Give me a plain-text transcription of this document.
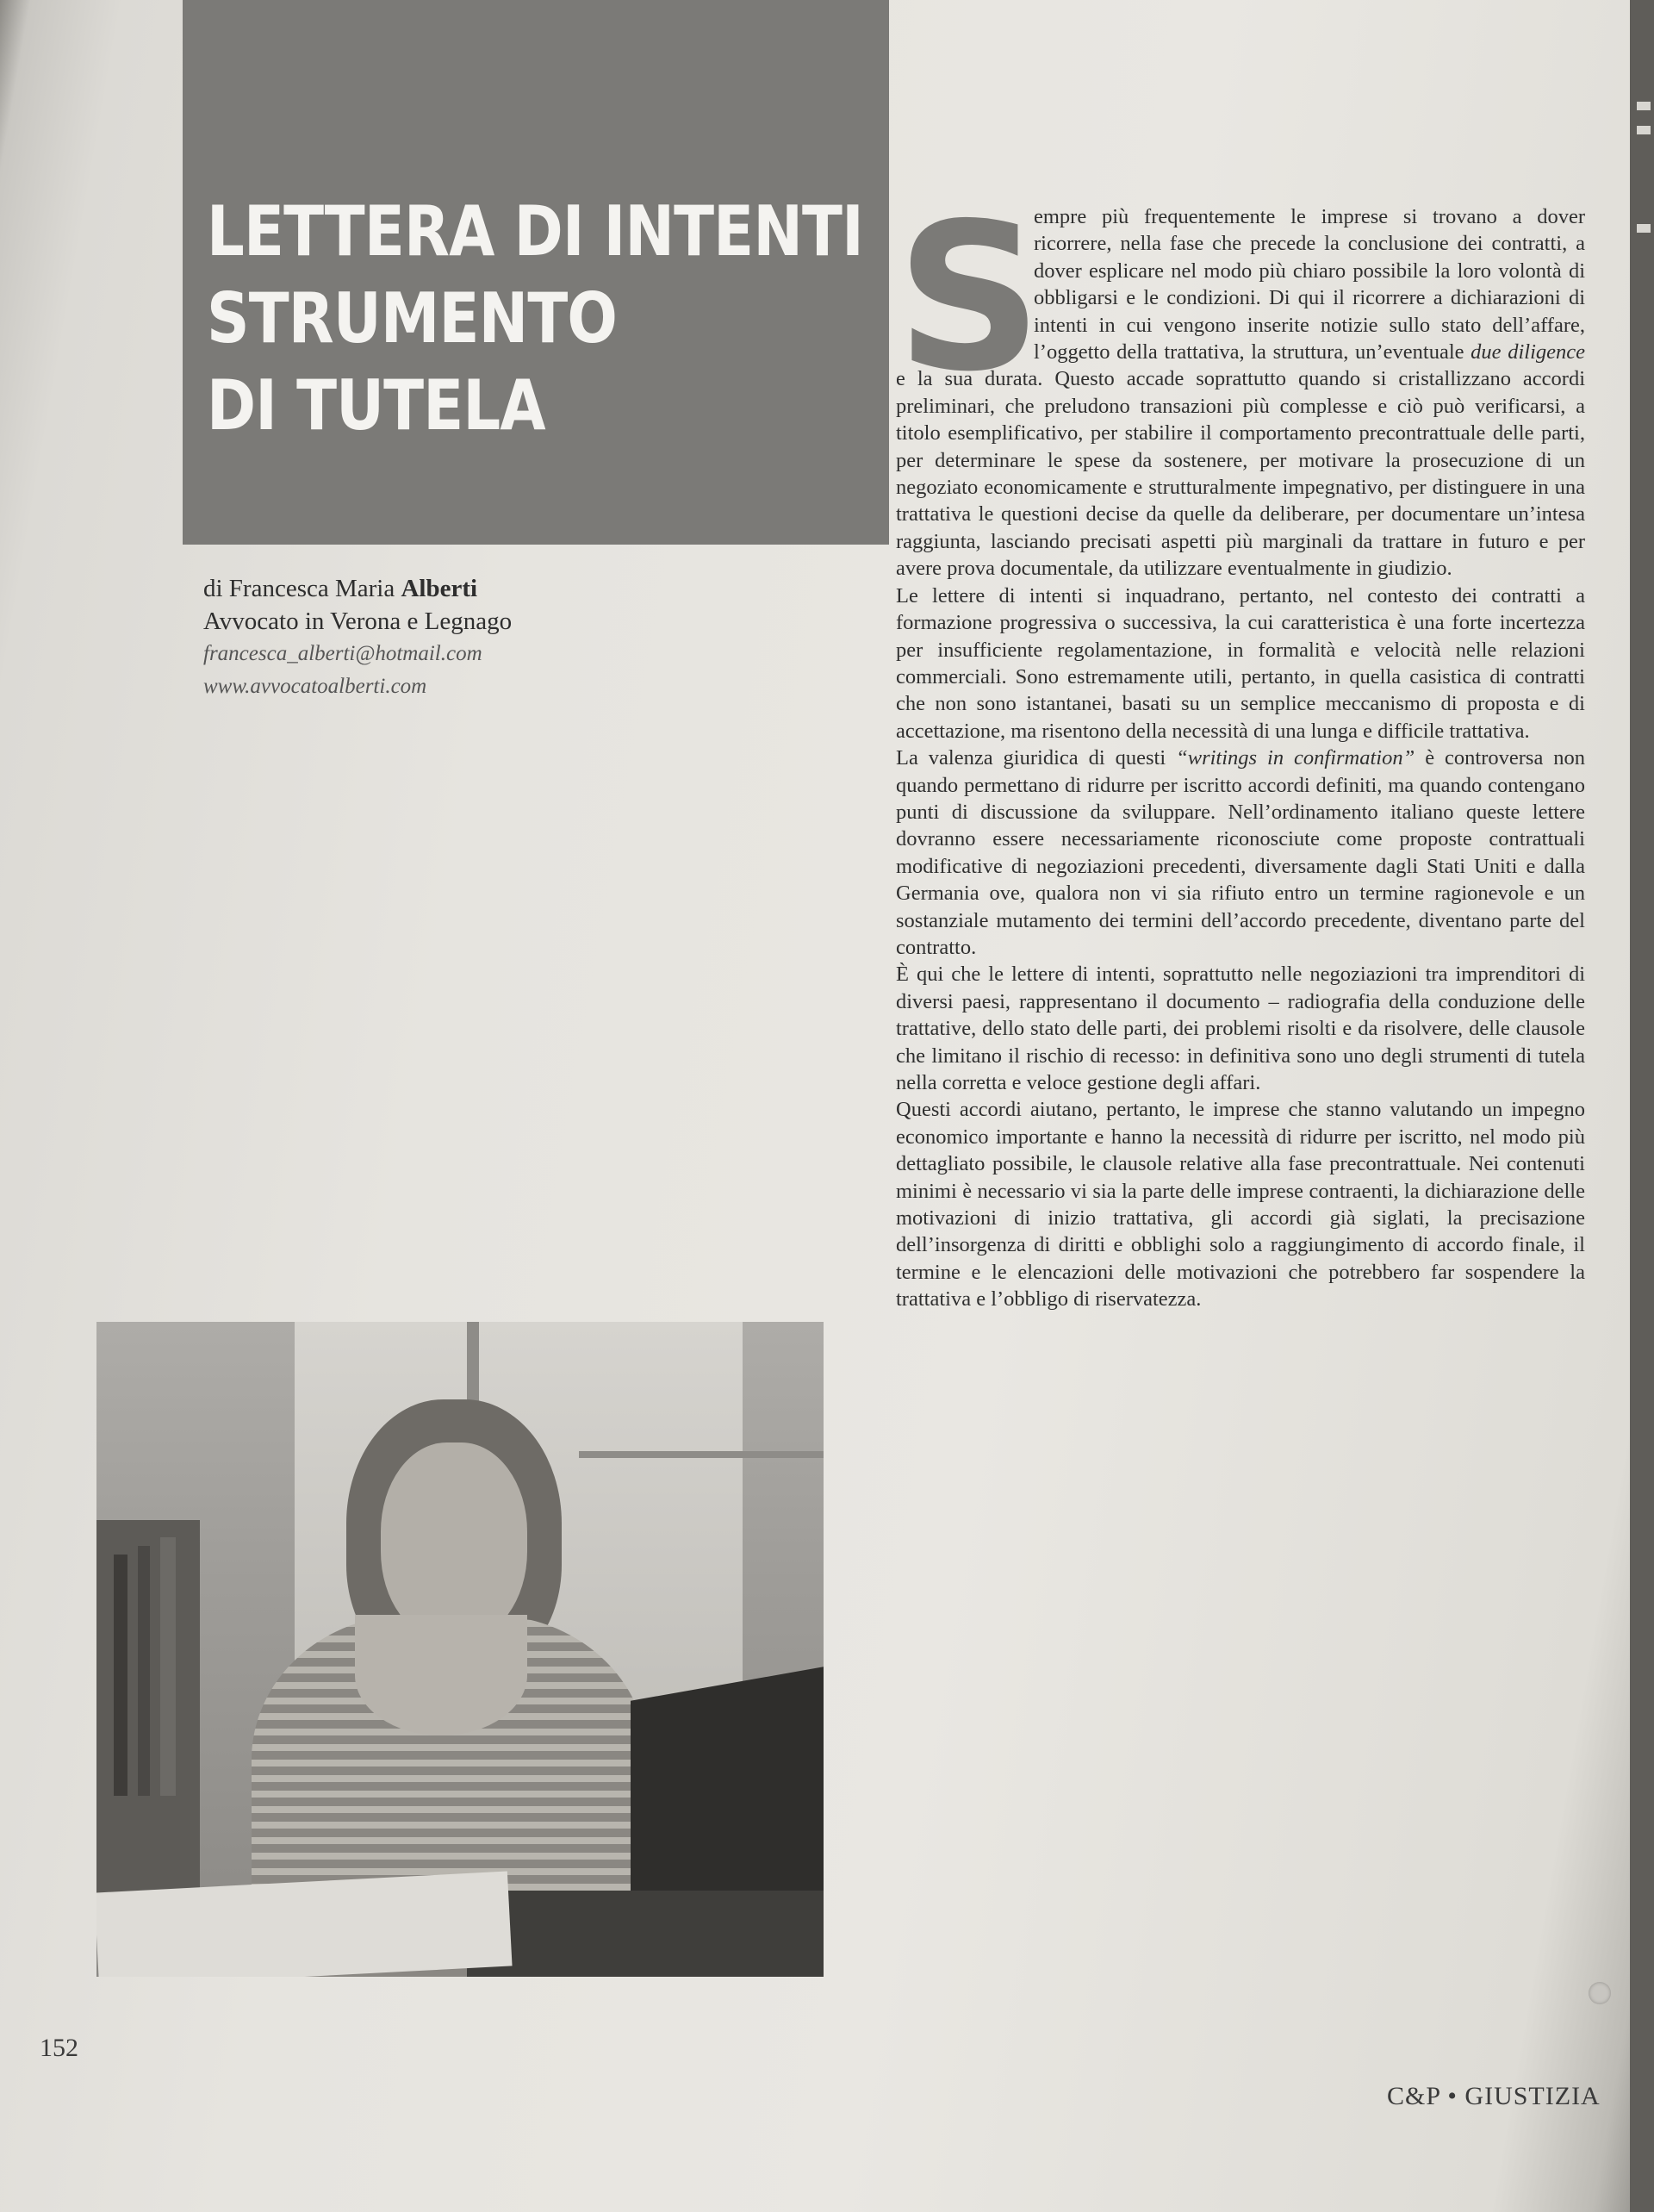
LETTERA DI INTENTI
STRUMENTO
DI TUTELA
di Francesca Maria Alberti
Avvocato in Verona e Legnago
francesca_alberti@hotmail.com
www.avvocatoalberti.com
S

empre più frequentemente le imprese si trovano a dover ricorrere, nella fase che precede la conclusione dei contratti, a dover esplicare nel modo più chiaro possibile la loro volontà di obbligarsi e le condizioni. Di qui il ricorrere a dichiarazioni di intenti in cui vengono inserite notizie sullo stato dell’affare, l’oggetto della trattativa, la struttura, un’eventuale due diligence e la sua durata. Questo accade soprattutto quando si cristallizzano accordi preliminari, che preludono transazioni più complesse e ciò può verificarsi, a titolo esemplificativo, per stabilire il comportamento precontrattuale delle parti, per determinare le spese da sostenere, per motivare la prosecuzione di un negoziato economicamente e strutturalmente impegnativo, per distinguere in una trattativa le questioni decise da quelle da deliberare, per documentare un’intesa raggiunta, lasciando precisati aspetti più marginali da trattare in futuro e per avere prova documentale, da utilizzare eventualmente in giudizio.

Le lettere di intenti si inquadrano, pertanto, nel contesto dei contratti a formazione progressiva o successiva, la cui caratteristica è una forte incertezza per insufficiente regolamentazione, in formalità e velocità nelle relazioni commerciali. Sono estremamente utili, pertanto, in quella casistica di contratti che non sono istantanei, basati su un semplice meccanismo di proposta e di accettazione, ma risentono della necessità di una lunga e difficile trattativa.

La valenza giuridica di questi “writings in confirmation” è controversa non quando permettano di ridurre per iscritto accordi definiti, ma quando contengano punti di discussione da sviluppare. Nell’ordinamento italiano queste lettere dovranno essere necessariamente riconosciute come proposte contrattuali modificative di negoziazioni precedenti, diversamente dagli Stati Uniti e dalla Germania ove, qualora non vi sia rifiuto entro un termine ragionevole e un sostanziale mutamento dei termini dell’accordo precedente, diventano parte del contratto.

È qui che le lettere di intenti, soprattutto nelle negoziazioni tra imprenditori di diversi paesi, rappresentano il documento – radiografia della conduzione delle trattative, dello stato delle parti, dei problemi risolti e da risolvere, delle clausole che limitano il rischio di recesso: in definitiva sono uno degli strumenti di tutela nella corretta e veloce gestione degli affari.

Questi accordi aiutano, pertanto, le imprese che stanno valutando un impegno economico importante e hanno la necessità di ridurre per iscritto, nel modo più dettagliato possibile, le clausole relative alla fase precontrattuale. Nei contenuti minimi è necessario vi sia la parte delle imprese contraenti, la dichiarazione delle motivazioni di inizio trattativa, gli accordi già siglati, la precisazione dell’insorgenza di diritti e obblighi solo a raggiungimento di accordo finale, il termine e le elencazioni delle motivazioni che potrebbero far sospendere la trattativa e l’obbligo di riservatezza.

152
C&P • GIUSTIZIA
